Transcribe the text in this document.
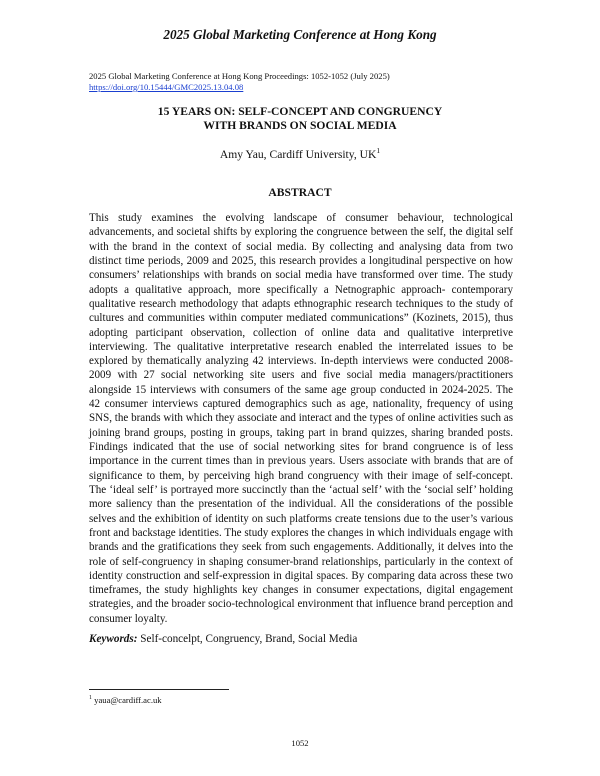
2025 Global Marketing Conference at Hong Kong
2025 Global Marketing Conference at Hong Kong Proceedings: 1052-1052 (July 2025)
https://doi.org/10.15444/GMC2025.13.04.08
15 YEARS ON: SELF-CONCEPT AND CONGRUENCY
WITH BRANDS ON SOCIAL MEDIA
Amy Yau, Cardiff University, $UK^1$
ABSTRACT
This study examines the evolving landscape of consumer behaviour, technological advancements, and societal shifts by exploring the congruence between the self, the digital self with the brand in the context of social media. By collecting and analysing data from two distinct time periods, 2009 and 2025, this research provides a longitudinal perspective on how consumers’ relationships with brands on social media have transformed over time. The study adopts a qualitative approach, more specifically a Netnographic approach- contemporary qualitative research methodology that adapts ethnographic research techniques to the study of cultures and communities within computer mediated communications” (Kozinets, 2015), thus adopting participant observation, collection of online data and qualitative interpretive interviewing. The qualitative interpretative research enabled the interrelated issues to be explored by thematically analyzing 42 interviews. In-depth interviews were conducted 2008-2009 with 27 social networking site users and five social media managers/practitioners alongside 15 interviews with consumers of the same age group conducted in 2024-2025. The 42 consumer interviews captured demographics such as age, nationality, frequency of using SNS, the brands with which they associate and interact and the types of online activities such as joining brand groups, posting in groups, taking part in brand quizzes, sharing branded posts. Findings indicated that the use of social networking sites for brand congruence is of less importance in the current times than in previous years. Users associate with brands that are of significance to them, by perceiving high brand congruency with their image of self-concept. The ‘ideal self’ is portrayed more succinctly than the ‘actual self’ with the ‘social self’ holding more saliency than the presentation of the individual. All the considerations of the possible selves and the exhibition of identity on such platforms create tensions due to the user’s various front and backstage identities. The study explores the changes in which individuals engage with brands and the gratifications they seek from such engagements. Additionally, it delves into the role of self-congruency in shaping consumer-brand relationships, particularly in the context of identity construction and self-expression in digital spaces. By comparing data across these two timeframes, the study highlights key changes in consumer expectations, digital engagement strategies, and the broader socio-technological environment that influence brand perception and consumer loyalty.
Keywords: Self-concelpt, Congruency, Brand, Social Media
$^1$ yaua@cardiff.ac.uk
1052
